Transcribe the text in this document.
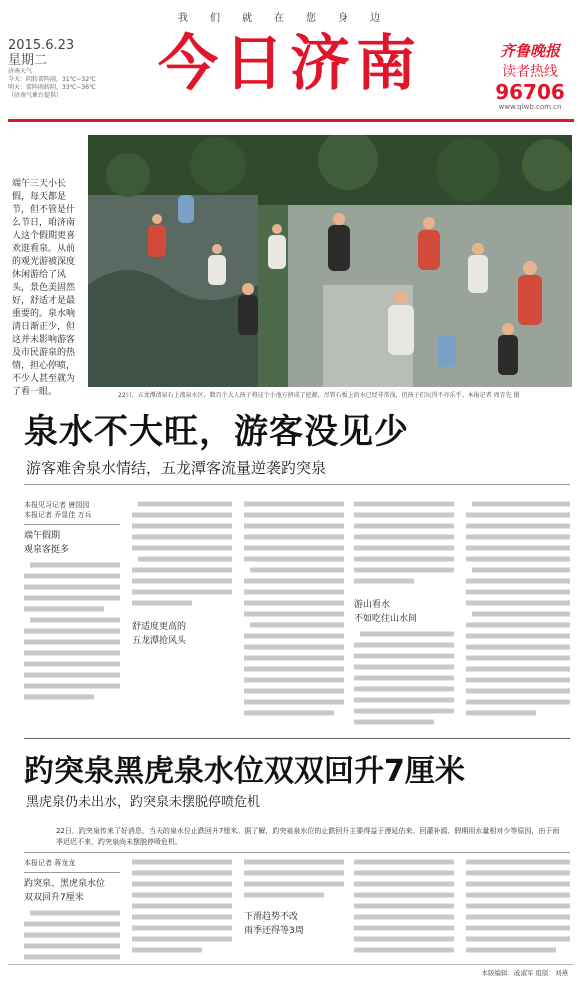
我们就在您身边
2015.6.23
星期二
济南天气
今天：阴转雷阵雨，31℃~32℃
明天：雷阵雨转阴，33℃~36℃
（济南气象台提供）	今日济南	齐鲁晚报
读者热线
96706
www.qlwb.com.cn
端午三天小长假，每天都是节，但不管是什么节日，咱济南人这个假期更喜欢逛看泉。从前的观光游被深度休闲游给了风头，景色美固然好，舒适才是最重要的。泉水响清日渐正少，但这并未影响游客及市民游泉的热情，担心停喷，不少人甚至就为了看一眼。	22日，五龙潭清泉石上流泉水区，数百个大人孩子将这个小池方挤成了挖源，尽管石板上的水已经非常浅，但孩子们玩得不亦乐乎。本报记者 周青先 摄
泉水不大旺，游客没见少
游客难舍泉水情结，五龙潭客流量逆袭趵突泉
本报见习记者 唐园园
本报记者 乔显佳 万兵
端午假期
观泉客挺多
舒适度更高的
五龙潭抢风头
游山看水
不如吃住山水间
趵突泉黑虎泉水位双双回升7厘米
黑虎泉仍未出水，趵突泉未摆脱停喷危机
22日，趵突泉传来了好消息，当天的泉水位止跌回升7厘米。据了解，趵突泉泉水位的止跌回升主要得益于漫延估来、回灌补源、假期用水量相对少等原因，由于雨季迟迟不来，趵突泉尚未摆脱停喷危机。
本报记者 蒋龙龙
趵突泉、黑虎泉水位
双双回升7厘米
下滑趋势不改
雨季还得等3周
本版编辑：戚淑军 组版：刘燕
